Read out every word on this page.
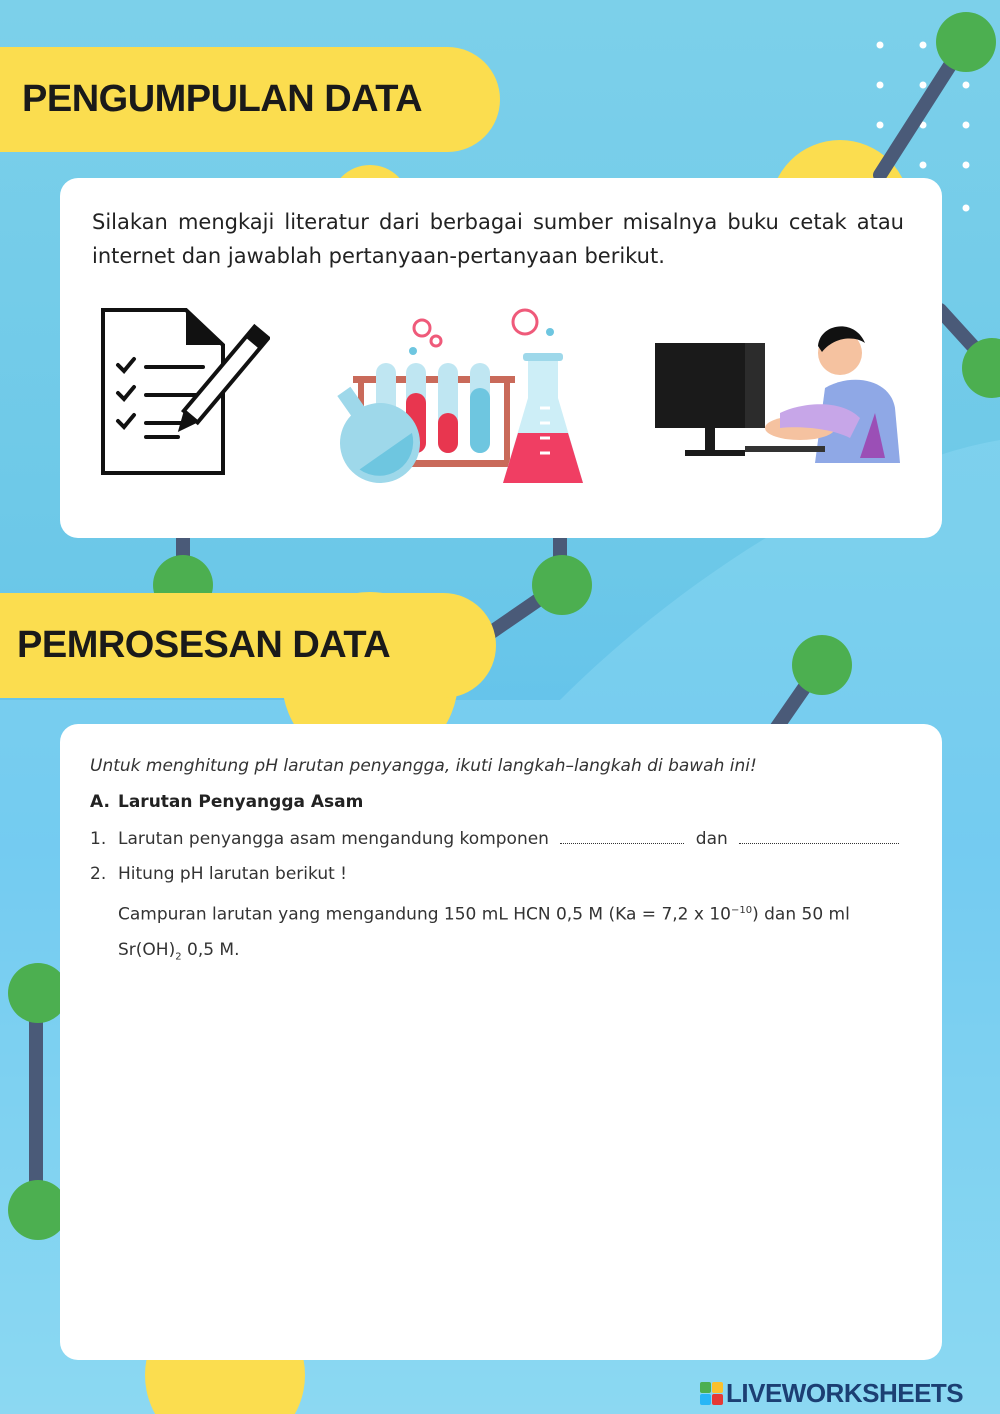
PENGUMPULAN DATA
Silakan mengkaji literatur dari berbagai sumber misalnya buku cetak atau internet dan jawablah pertanyaan-pertanyaan berikut.
PEMROSESAN DATA
Untuk menghitung pH larutan penyangga, ikuti langkah–langkah di bawah ini!
A. Larutan Penyangga Asam
1. Larutan penyangga asam mengandung komponen	dan
2. Hitung pH larutan berikut !
Campuran larutan yang mengandung 150 mL HCN 0,5 M (Ka = 7,2 x $10^{-10}$) dan 50 ml
$Sr(OH)_2$ 0,5 M.
LIVEWORKSHEETS
